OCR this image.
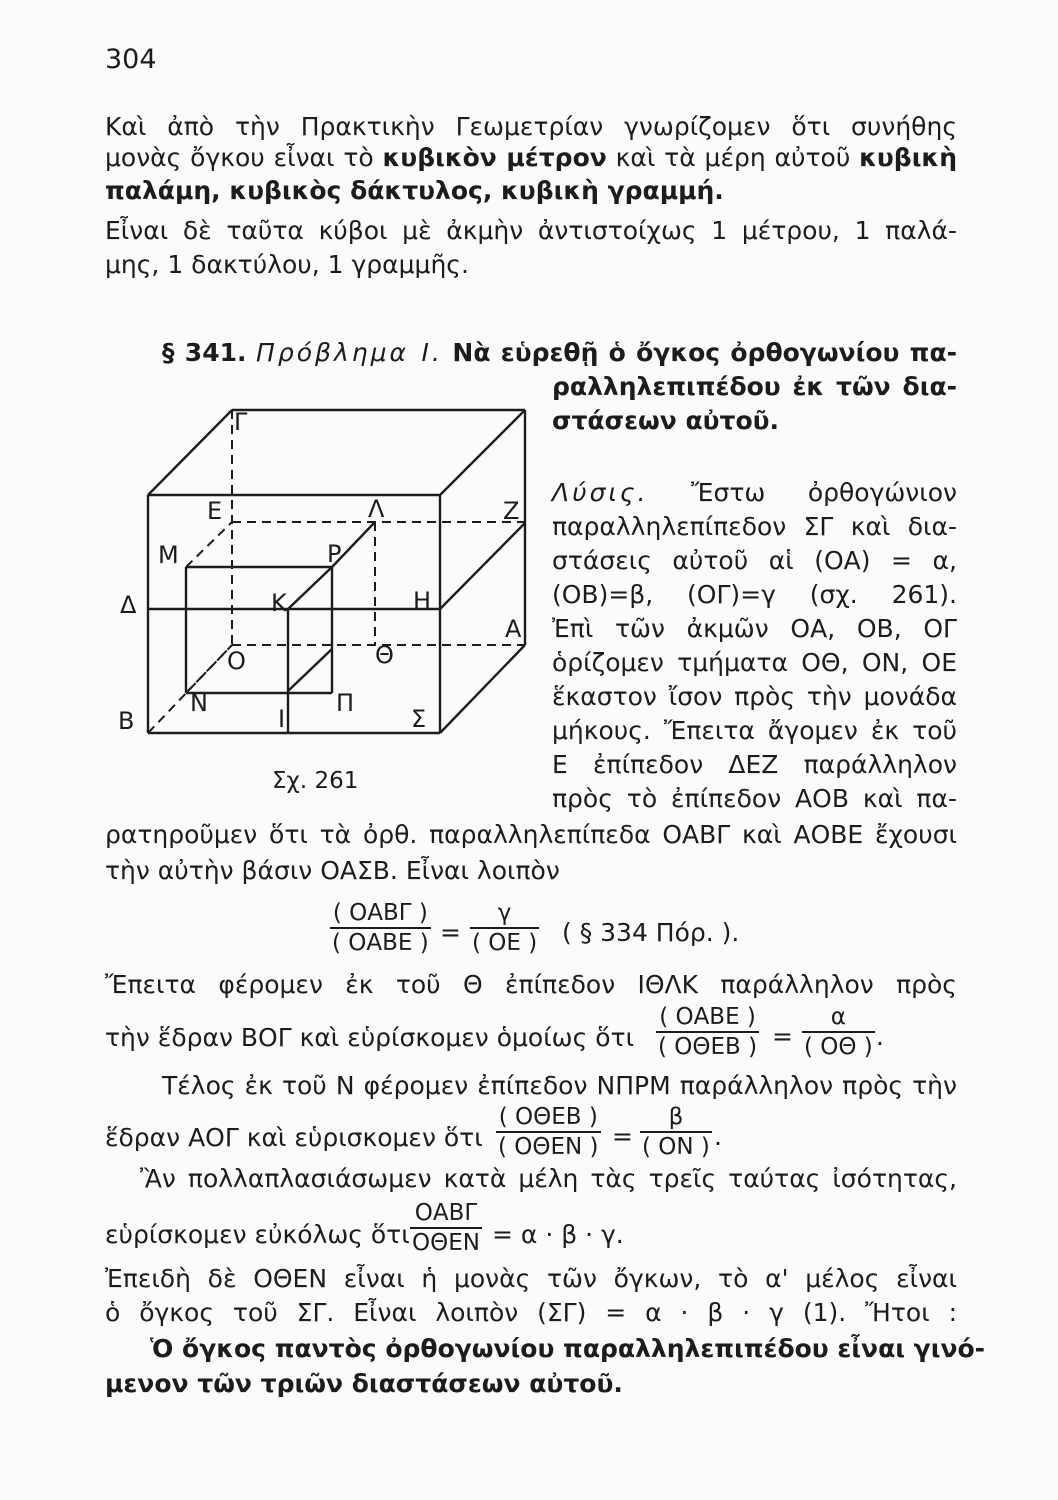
304
Καὶ ἀπὸ τὴν Πρακτικὴν Γεωμετρίαν γνωρίζομεν ὅτι συνήθης
μονὰς ὄγκου εἶναι τὸ κυβικὸν μέτρον καὶ τὰ μέρη αὐτοῦ κυβικὴ
παλάμη, κυβικὸς δάκτυλος, κυβικὴ γραμμή.
Εἶναι δὲ ταῦτα κύβοι μὲ ἀκμὴν ἀντιστοίχως 1 μέτρου, 1 παλά-
μης, 1 δακτύλου, 1 γραμμῆς.
§ 341. Πρόβλημα I. Νὰ εὑρεθῇ ὁ ὄγκος ὀρθογωνίου πα-
ραλληλεπιπέδου ἐκ τῶν δια-
στάσεων αὐτοῦ.
Γ
Ε	Λ	Ζ
Μ	Ρ
Δ	Κ	Η
Α
Ο	Θ
Ν	Π
Β	Ι	Σ
Σχ. 261
Λύσις. Ἔστω ὀρθογώνιον
παραλληλεπίπεδον ΣΓ καὶ δια-
στάσεις αὐτοῦ αἱ (ΟΑ) = α,
(ΟΒ)=β, (ΟΓ)=γ (σχ. 261).
Ἐπὶ τῶν ἀκμῶν ΟΑ, ΟΒ, ΟΓ
ὁρίζομεν τμήματα ΟΘ, ΟΝ, ΟΕ
ἕκαστον ἴσον πρὸς τὴν μονάδα
μήκους. Ἔπειτα ἄγομεν ἐκ τοῦ
Ε ἐπίπεδον ΔΕΖ παράλληλον
πρὸς τὸ ἐπίπεδον ΑΟΒ καὶ πα-
ρατηροῦμεν ὅτι τὰ ὀρθ. παραλληλεπίπεδα ΟΑΒΓ καὶ ΑΟΒΕ ἔχουσι
τὴν αὐτὴν βάσιν ΟΑΣΒ. Εἶναι λοιπὸν
( ΟΑΒΓ )
( ΟΑΒΕ ) = $\frac{\gamma}{( OE )}$ ( § 334 Πόρ. ).
Ἔπειτα φέρομεν ἐκ τοῦ Θ ἐπίπεδον ΙΘΛΚ παράλληλον πρὸς
τὴν ἕδραν ΒΟΓ καὶ εὑρίσκομεν ὁμοίως ὅτι
( ΟΑΒΕ )
( ΟΘΕΒ ) = $\frac{\alpha}{( O\Theta )}$ .
Τέλος ἐκ τοῦ Ν φέρομεν ἐπίπεδον ΝΠΡΜ παράλληλον πρὸς τὴν
ἕδραν ΑΟΓ καὶ εὑρισκομεν ὅτι
( ΟΘΕΒ )
( ΟΘΕΝ ) = $\frac{\beta}{( ON )}$ .
Ἂν πολλαπλασιάσωμεν κατὰ μέλη τὰς τρεῖς ταύτας ἰσότητας,
εὑρίσκομεν εὐκόλως ὅτι
ΟΑΒΓ
ΟΘΕΝ = α · β · γ.
Ἐπειδὴ δὲ ΟΘΕΝ εἶναι ἡ μονὰς τῶν ὄγκων, τὸ α' μέλος εἶναι
ὁ ὄγκος τοῦ ΣΓ. Εἶναι λοιπὸν (ΣΓ) = α · β · γ (1). Ἤτοι :
Ὁ ὄγκος παντὸς ὀρθογωνίου παραλληλεπιπέδου εἶναι γινό-
μενον τῶν τριῶν διαστάσεων αὐτοῦ.
